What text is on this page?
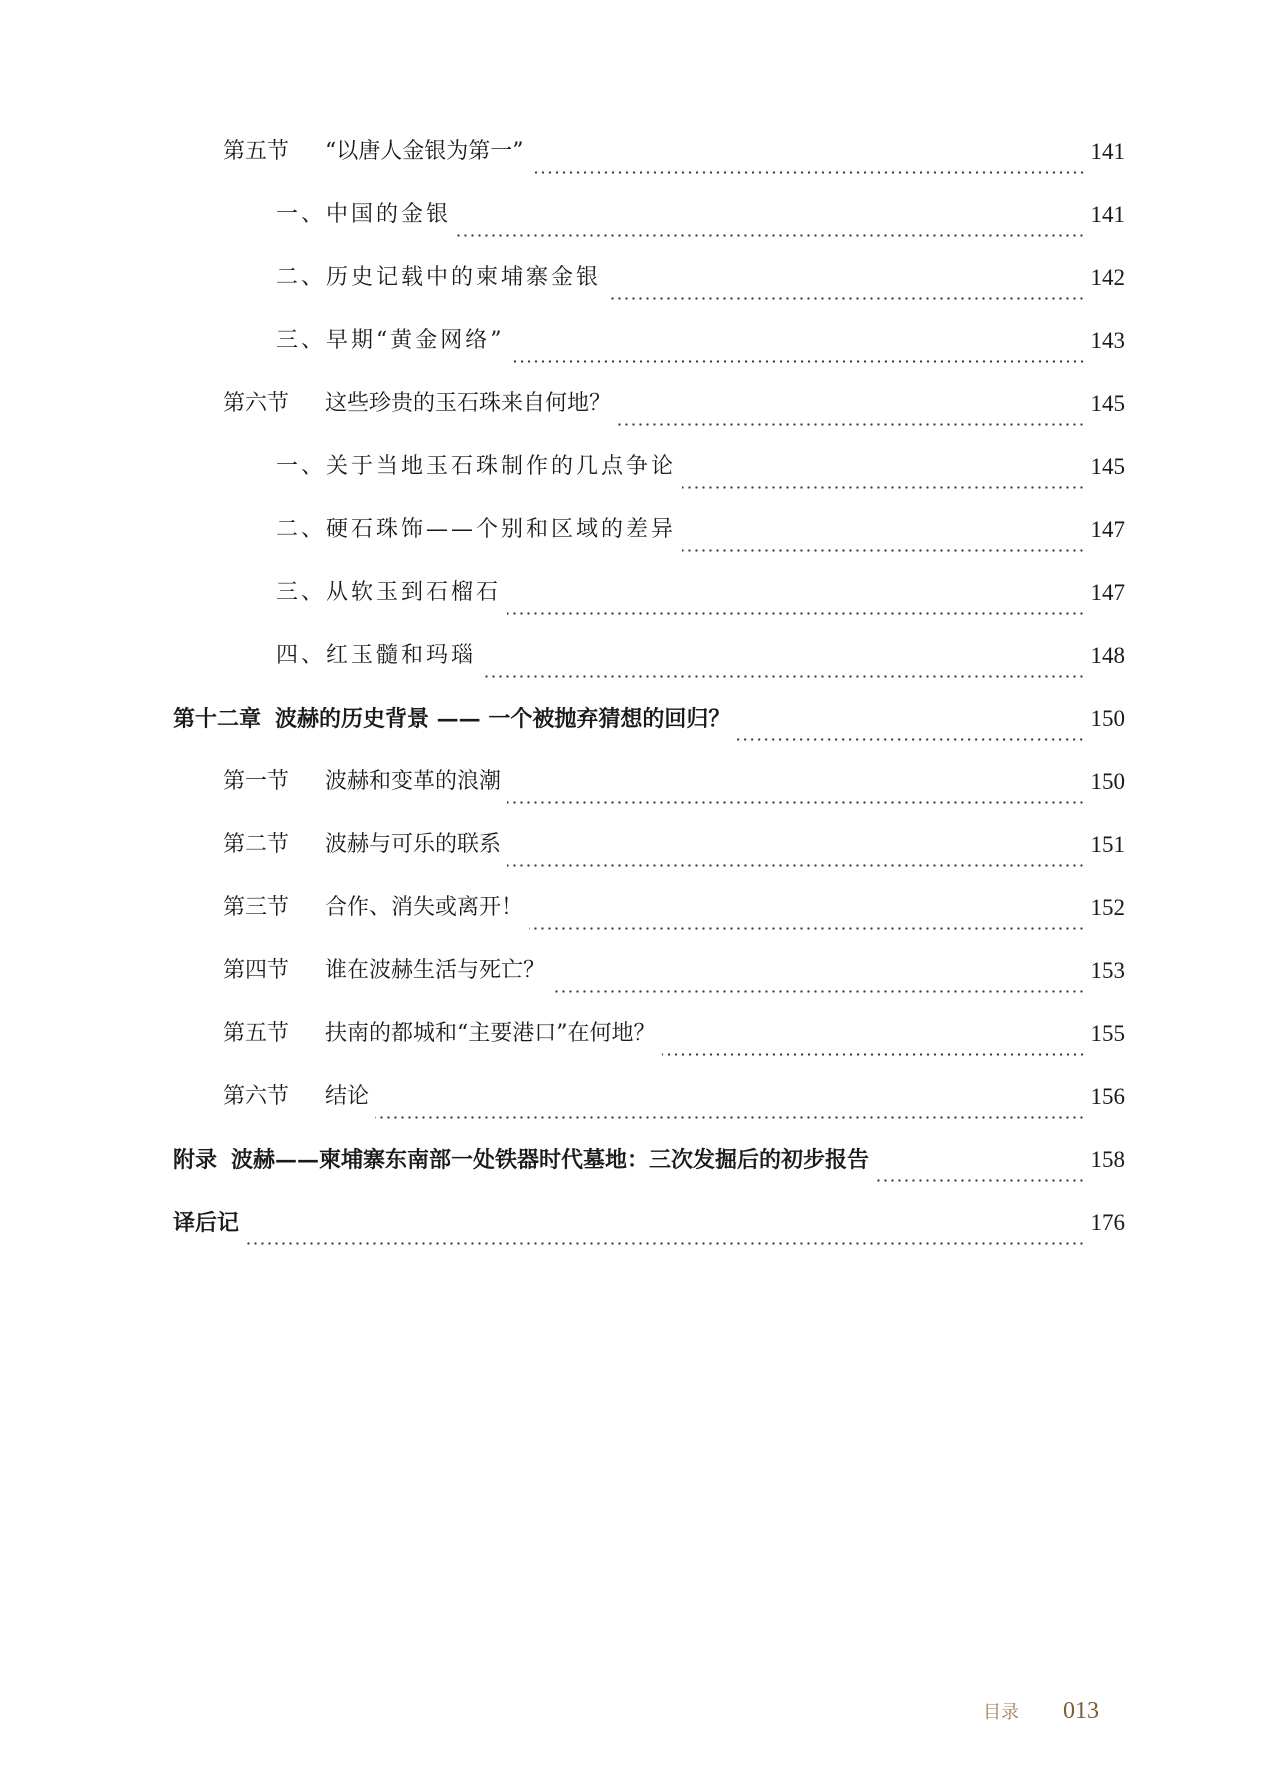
第五节	“以唐人金银为第一”	141
一、中国的金银	141
二、历史记载中的柬埔寨金银	142
三、早期“黄金网络”	143
第六节	这些珍贵的玉石珠来自何地？	145
一、关于当地玉石珠制作的几点争论	145
二、硬石珠饰——个别和区域的差异	147
三、从软玉到石榴石	147
四、红玉髓和玛瑙	148
第十二章 波赫的历史背景 —— 一个被抛弃猜想的回归？	150
第一节	波赫和变革的浪潮	150
第二节	波赫与可乐的联系	151
第三节	合作、消失或离开！	152
第四节	谁在波赫生活与死亡？	153
第五节	扶南的都城和“主要港口”在何地？	155
第六节	结论	156
附录 波赫——柬埔寨东南部一处铁器时代墓地：三次发掘后的初步报告	158
译后记	176
目录 013
